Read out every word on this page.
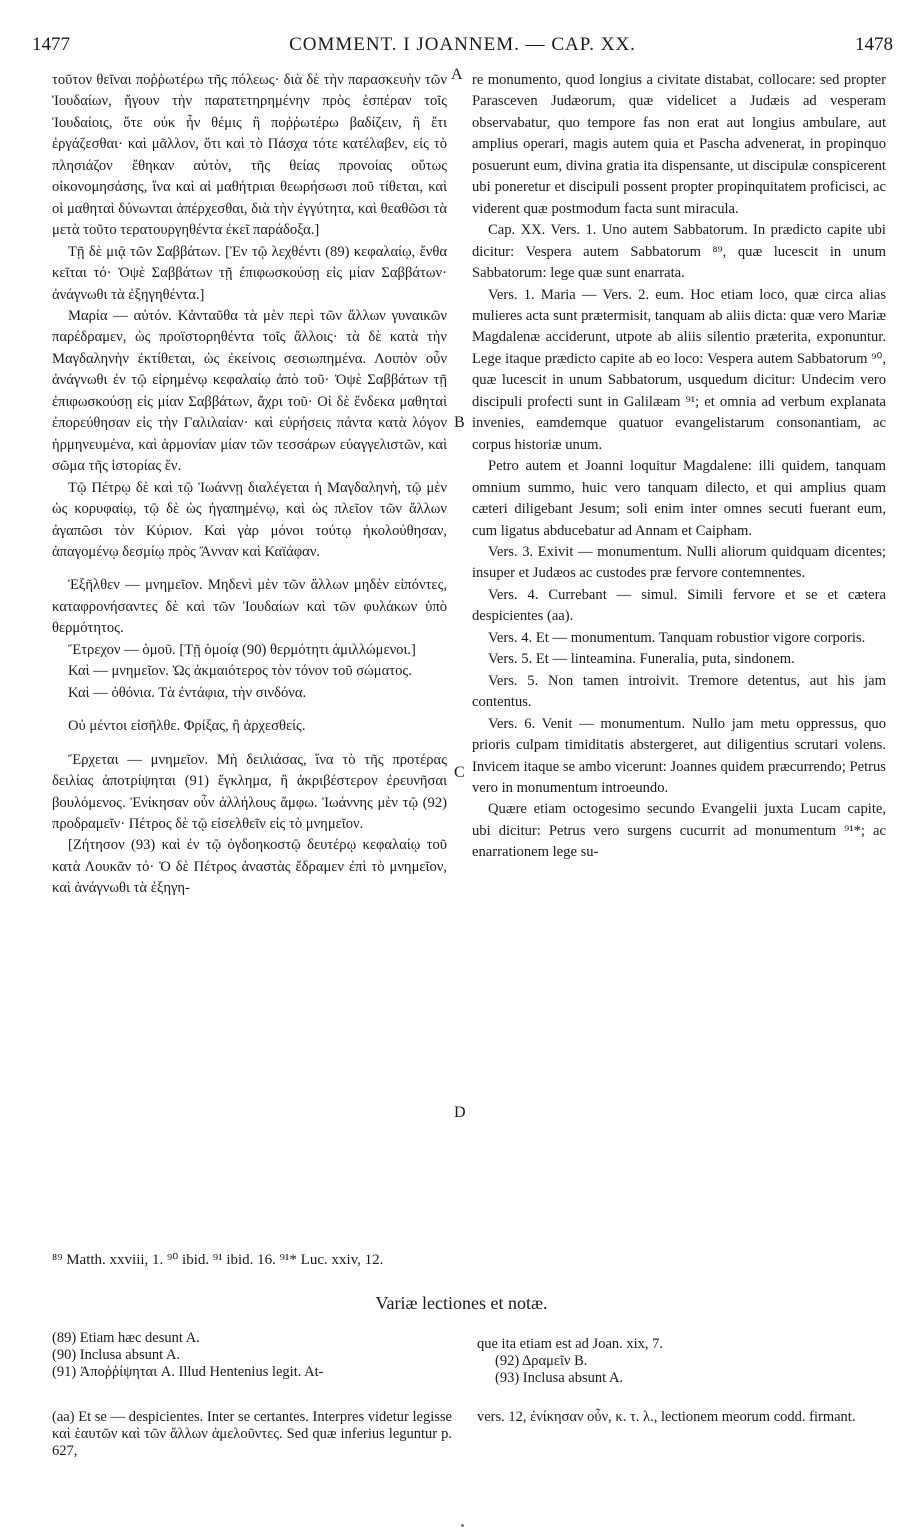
1477	COMMENT. I JOANNEM. — CAP. XX.	1478

τοῦτον θεῖναι ποῤῥωτέρω τῆς πόλεως· διὰ δὲ τὴν παρασκευὴν τῶν Ἰουδαίων, ἤγουν τὴν παρατετηρημένην πρὸς ἑσπέραν τοῖς Ἰουδαίοις, ὅτε οὐκ ἦν θέμις ἢ ποῤῥωτέρω βαδίζειν, ἢ ἔτι ἐργάζεσθαι· καὶ μᾶλλον, ὅτι καὶ τὸ Πάσχα τότε κατέλαβεν, εἰς τὸ πλησιάζον ἔθηκαν αὐτὸν, τῆς θείας προνοίας οὕτως οἰκονομησάσης, ἵνα καὶ αἱ μαθήτριαι θεωρήσωσι ποῦ τίθεται, καὶ οἱ μαθηταὶ δύνωνται ἀπέρχεσθαι, διὰ τὴν ἐγγύτητα, καὶ θεαθῶσι τὰ μετὰ τοῦτο τερατουργηθέντα ἐκεῖ παράδοξα.]

Τῇ δὲ μιᾷ τῶν Σαββάτων. [Ἐν τῷ λεχθέντι (89) κεφαλαίῳ, ἔνθα κεῖται τό· Ὀψὲ Σαββάτων τῇ ἐπιφωσκούσῃ εἰς μίαν Σαββάτων· ἀνάγνωθι τὰ ἐξηγηθέντα.]

Μαρία — αὐτόν. Κἀνταῦθα τὰ μὲν περὶ τῶν ἄλλων γυναικῶν παρέδραμεν, ὡς προϊστορηθέντα τοῖς ἄλλοις· τὰ δὲ κατὰ τὴν Μαγδαληνὴν ἐκτίθεται, ὡς ἐκείνοις σεσιωπημένα. Λοιπὸν οὖν ἀνάγνωθι ἐν τῷ εἰρημένῳ κεφαλαίῳ ἀπὸ τοῦ· Ὀψὲ Σαββάτων τῇ ἐπιφωσκούσῃ εἰς μίαν Σαββάτων, ἄχρι τοῦ· Οἱ δὲ ἕνδεκα μαθηταὶ ἐπορεύθησαν εἰς τὴν Γαλιλαίαν· καὶ εὑρήσεις πάντα κατὰ λόγον ἡρμηνευμένα, καὶ ἁρμονίαν μίαν τῶν τεσσάρων εὐαγγελιστῶν, καὶ σῶμα τῆς ἱστορίας ἕν.

Τῷ Πέτρῳ δὲ καὶ τῷ Ἰωάννῃ διαλέγεται ἡ Μαγδαληνὴ, τῷ μὲν ὡς κορυφαίῳ, τῷ δὲ ὡς ἠγαπημένῳ, καὶ ὡς πλεῖον τῶν ἄλλων ἀγαπῶσι τὸν Κύριον. Καὶ γὰρ μόνοι τούτῳ ἠκολούθησαν, ἀπαγομένῳ δεσμίῳ πρὸς Ἄνναν καὶ Καϊάφαν.

Ἐξῆλθεν — μνημεῖον. Μηδενὶ μὲν τῶν ἄλλων μηδὲν εἰπόντες, καταφρονήσαντες δὲ καὶ τῶν Ἰουδαίων καὶ τῶν φυλάκων ὑπὸ θερμότητος.

Ἔτρεχον — ὁμοῦ. [Τῇ ὁμοίᾳ (90) θερμότητι ἁμιλλώμενοι.]

Καὶ — μνημεῖον. Ὡς ἀκμαιότερος τὸν τόνον τοῦ σώματος.

Καὶ — ὀθόνια. Τὰ ἐντάφια, τὴν σινδόνα.

Οὐ μέντοι εἰσῆλθε. Φρίξας, ἢ ἀρχεσθείς.

Ἔρχεται — μνημεῖον. Μὴ δειλιάσας, ἵνα τὸ τῆς προτέρας δειλίας ἀποτρίψηται (91) ἔγκλημα, ἢ ἀκριβέστερον ἐρευνῆσαι βουλόμενος. Ἐνίκησαν οὖν ἀλλήλους ἄμφω. Ἰωάννης μὲν τῷ (92) προδραμεῖν· Πέτρος δὲ τῷ εἰσελθεῖν εἰς τὸ μνημεῖον.

[Ζήτησον (93) καὶ ἐν τῷ ὀγδοηκοστῷ δευτέρῳ κεφαλαίῳ τοῦ κατὰ Λουκᾶν τό· Ὁ δὲ Πέτρος ἀναστὰς ἔδραμεν ἐπὶ τὸ μνημεῖον, καὶ ἀνάγνωθι τὰ ἐξηγη-

A
B
C
D

re monumento, quod longius a civitate distabat, collocare: sed propter Parasceven Judæorum, quæ videlicet a Judæis ad vesperam observabatur, quo tempore fas non erat aut longius ambulare, aut amplius operari, magis autem quia et Pascha advenerat, in propinquo posuerunt eum, divina gratia ita dispensante, ut discipulæ conspicerent ubi poneretur et discipuli possent propter propinquitatem proficisci, ac viderent quæ postmodum facta sunt miracula.

Cap. XX. Vers. 1. Uno autem Sabbatorum. In prædicto capite ubi dicitur: Vespera autem Sabbatorum ⁸⁹, quæ lucescit in unum Sabbatorum: lege quæ sunt enarrata.

Vers. 1. Maria — Vers. 2. eum. Hoc etiam loco, quæ circa alias mulieres acta sunt prætermisit, tanquam ab aliis dicta: quæ vero Mariæ Magdalenæ acciderunt, utpote ab aliis silentio præterita, exponuntur. Lege itaque prædicto capite ab eo loco: Vespera autem Sabbatorum ⁹⁰, quæ lucescit in unum Sabbatorum, usquedum dicitur: Undecim vero discipuli profecti sunt in Galilæam ⁹¹; et omnia ad verbum explanata invenies, eamdemque quatuor evangelistarum consonantiam, ac corpus historiæ unum.

Petro autem et Joanni loquitur Magdalene: illi quidem, tanquam omnium summo, huic vero tanquam dilecto, et qui amplius quam cæteri diligebant Jesum; soli enim inter omnes secuti fuerant eum, cum ligatus abducebatur ad Annam et Caipham.

Vers. 3. Exivit — monumentum. Nulli aliorum quidquam dicentes; insuper et Judæos ac custodes præ fervore contemnentes.

Vers. 4. Currebant — simul. Simili fervore et se et cætera despicientes (aa).

Vers. 4. Et — monumentum. Tanquam robustior vigore corporis.

Vers. 5. Et — linteamina. Funeralia, puta, sindonem.

Vers. 5. Non tamen introivit. Tremore detentus, aut his jam contentus.

Vers. 6. Venit — monumentum. Nullo jam metu oppressus, quo prioris culpam timiditatis abstergeret, aut diligentius scrutari volens. Invicem itaque se ambo vicerunt: Joannes quidem præcurrendo; Petrus vero in monumentum introeundo.

Quære etiam octogesimo secundo Evangelii juxta Lucam capite, ubi dicitur: Petrus vero surgens cucurrit ad monumentum ⁹¹*; ac enarrationem lege su-

⁸⁹ Matth. xxviii, 1. ⁹⁰ ibid. ⁹¹ ibid. 16. ⁹¹* Luc. xxiv, 12.
Variæ lectiones et notæ.

(89) Etiam hæc desunt A.

(90) Inclusa absunt A.

(91) Ἀποῤῥίψηται A. Illud Hentenius legit. At-

que ita etiam est ad Joan. xix, 7.

(92) Δραμεῖν B.

(93) Inclusa absunt A.

(aa) Et se — despicientes. Inter se certantes. Interpres videtur legisse καὶ ἑαυτῶν καὶ τῶν ἄλλων ἀμελοῦντες. Sed quæ inferius leguntur p. 627,

vers. 12, ἐνίκησαν οὖν, κ. τ. λ., lectionem meorum codd. firmant.
